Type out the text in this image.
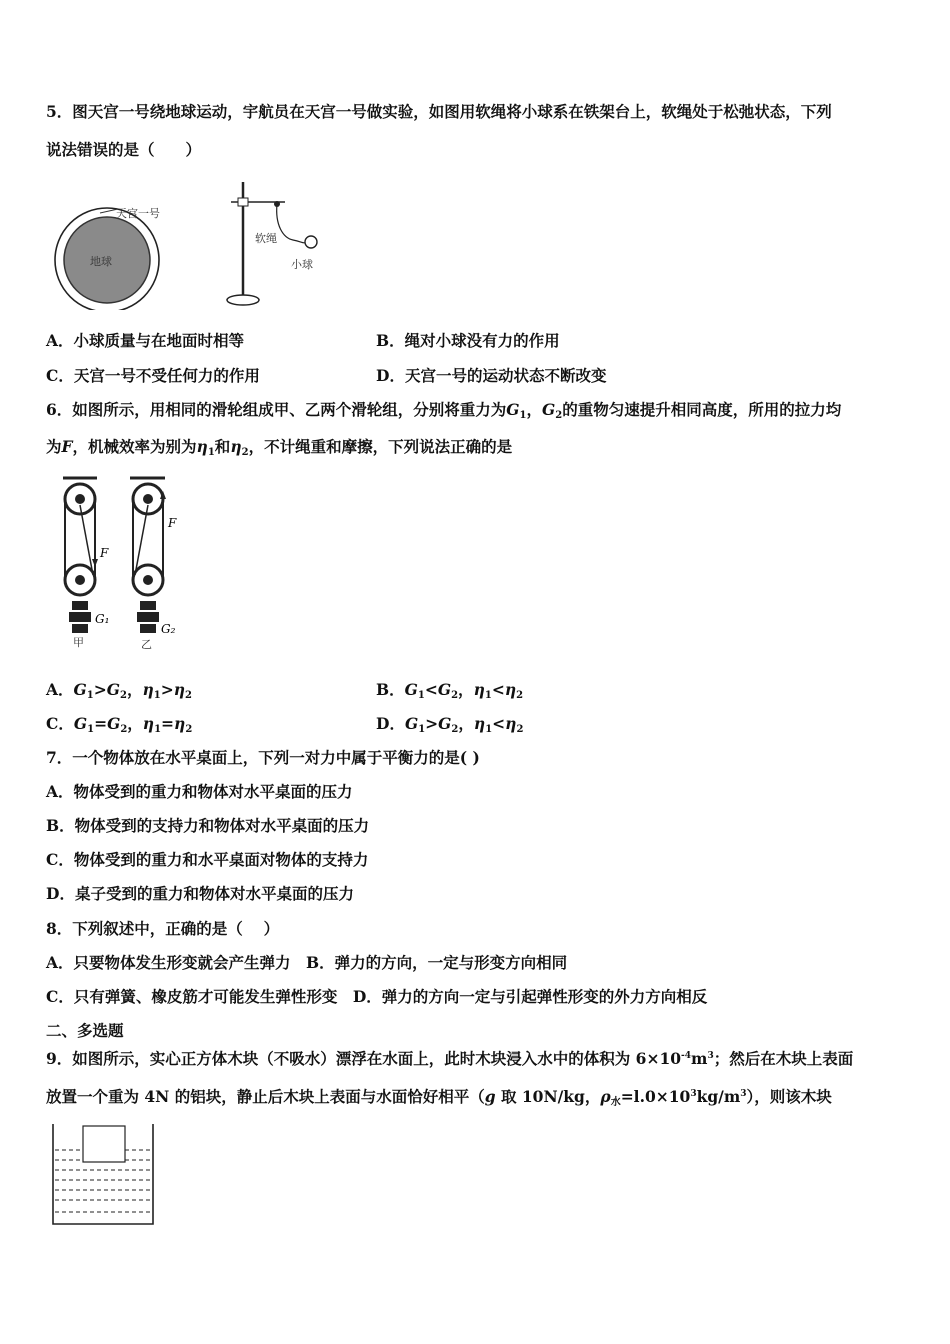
5．图天宫一号绕地球运动，宇航员在天宫一号做实验，如图用软绳将小球系在铁架台上，软绳处于松弛状态，下列
说法错误的是（　　）
地球
天宫一号
软绳
小球
A．小球质量与在地面时相等	B．绳对小球没有力的作用
C．天宫一号不受任何力的作用	D．天宫一号的运动状态不断改变
6．如图所示，用相同的滑轮组成甲、乙两个滑轮组，分别将重力为$G_1$，$G_2$的重物匀速提升相同高度，所用的拉力均
为F，机械效率为别为$\eta_1$和$\eta_2$，不计绳重和摩擦，下列说法正确的是
F
G₁
甲
F
G₂
乙
A．$G_1>G_2$，$\eta_1>\eta_2$	B．$G_1<G_2$，$\eta_1<\eta_2$
C．$G_1=G_2$，$\eta_1=\eta_2$	D．$G_1>G_2$，$\eta_1<\eta_2$
7．一个物体放在水平桌面上，下列一对力中属于平衡力的是( )
A．物体受到的重力和物体对水平桌面的压力
B．物体受到的支持力和物体对水平桌面的压力
C．物体受到的重力和水平桌面对物体的支持力
D．桌子受到的重力和物体对水平桌面的压力
8．下列叙述中，正确的是（　 ）
A．只要物体发生形变就会产生弹力　B．弹力的方向，一定与形变方向相同
C．只有弹簧、橡皮筋才可能发生弹性形变　D．弹力的方向一定与引起弹性形变的外力方向相反
二、多选题
9．如图所示，实心正方体木块（不吸水）漂浮在水面上，此时木块浸入水中的体积为 $6\times 10^{-4}m^3$；然后在木块上表面
放置一个重为 4N 的铝块，静止后木块上表面与水面恰好相平（g 取 10N/kg，$\rho_水=l.0\times 10^3kg/m^3$），则该木块
